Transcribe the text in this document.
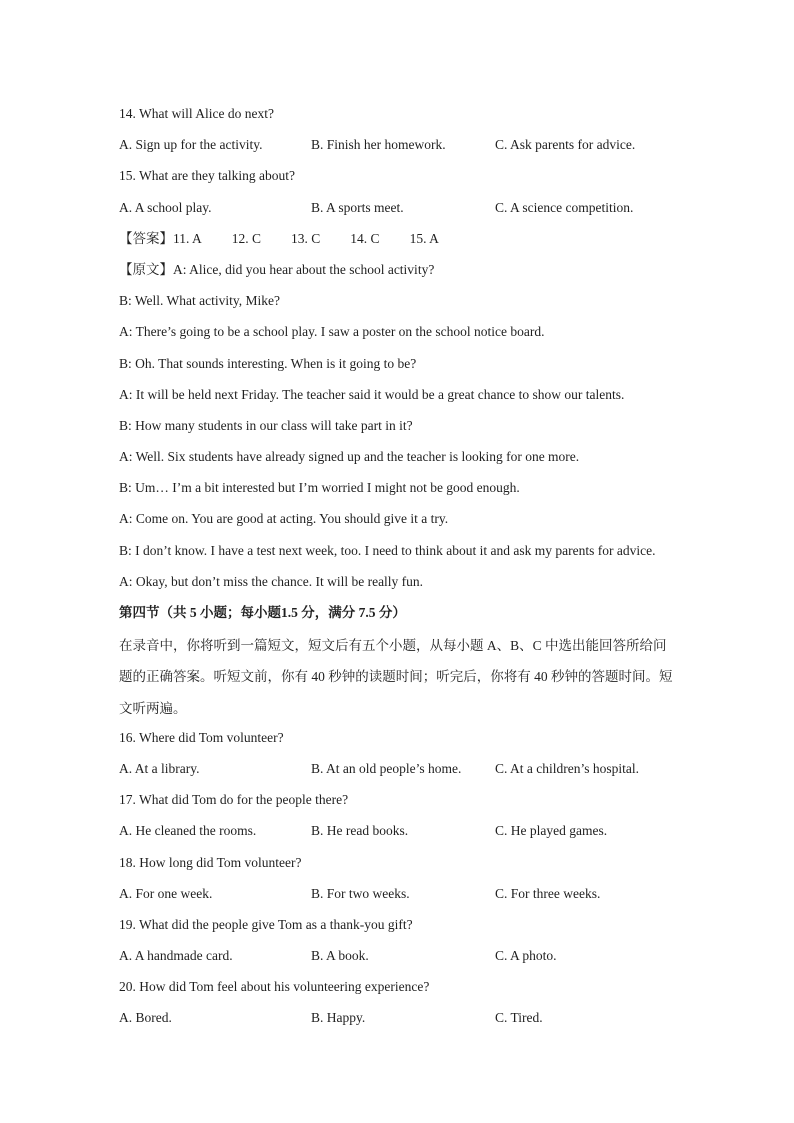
14. What will Alice do next?
A. Sign up for the activity.	B. Finish her homework.	C. Ask parents for advice.
15. What are they talking about?
A. A school play.	B. A sports meet.	C. A science competition.
【答案】11. A 12. C 13. C 14. C 15. A
【原文】A: Alice, did you hear about the school activity?
B: Well. What activity, Mike?
A: There’s going to be a school play. I saw a poster on the school notice board.
B: Oh. That sounds interesting. When is it going to be?
A: It will be held next Friday. The teacher said it would be a great chance to show our talents.
B: How many students in our class will take part in it?
A: Well. Six students have already signed up and the teacher is looking for one more.
B: Um… I’m a bit interested but I’m worried I might not be good enough.
A: Come on. You are good at acting. You should give it a try.
B: I don’t know. I have a test next week, too. I need to think about it and ask my parents for advice.
A: Okay, but don’t miss the chance. It will be really fun.
第四节（共 5 小题；每小题1.5 分，满分 7.5 分）
在录音中，你将听到一篇短文，短文后有五个小题，从每小题 A、B、C 中选出能回答所给问题的正确答案。听短文前，你有 40 秒钟的读题时间；听完后，你将有 40 秒钟的答题时间。短文听两遍。
16. Where did Tom volunteer?
A. At a library.	B. At an old people’s home.	C. At a children’s hospital.
17. What did Tom do for the people there?
A. He cleaned the rooms.	B. He read books.	C. He played games.
18. How long did Tom volunteer?
A. For one week.	B. For two weeks.	C. For three weeks.
19. What did the people give Tom as a thank-you gift?
A. A handmade card.	B. A book.	C. A photo.
20. How did Tom feel about his volunteering experience?
A. Bored.	B. Happy.	C. Tired.
